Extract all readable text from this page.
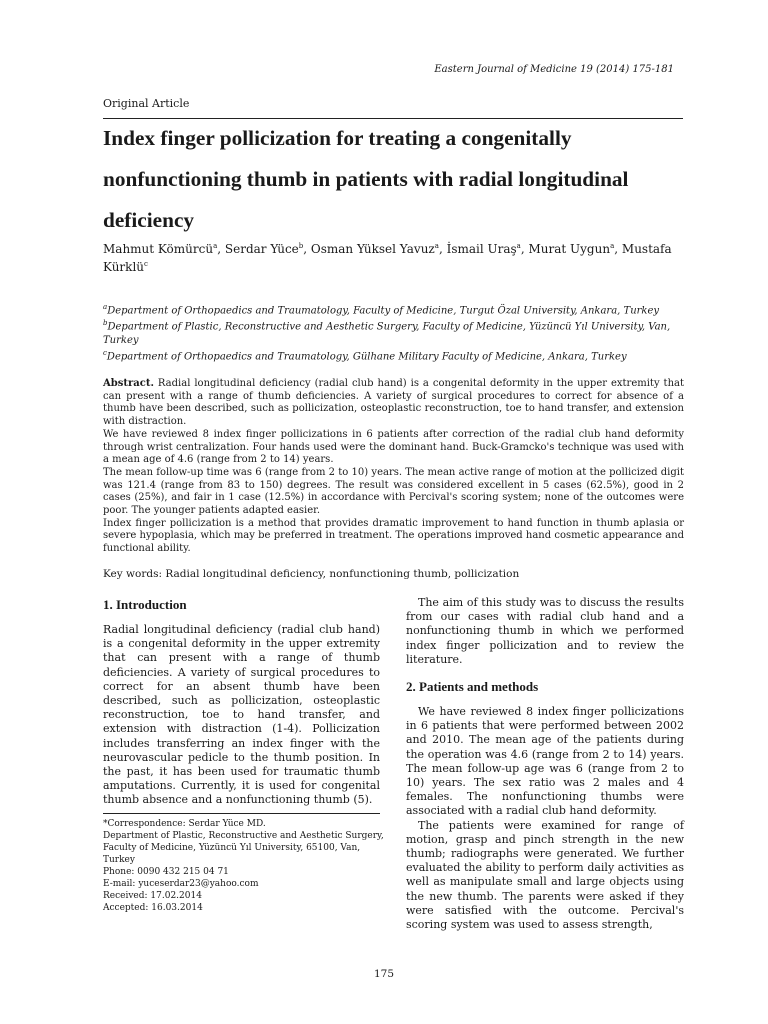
Eastern Journal of Medicine 19 (2014) 175-181
Original Article
Index finger pollicization for treating a congenitally nonfunctioning thumb in patients with radial longitudinal deficiency
Mahmut Kömürcü$^a$, Serdar Yüce$^b$, Osman Yüksel Yavuz$^a$, İsmail Uraş$^a$, Murat Uygun$^a$, Mustafa Kürklü$^c$
$^a$Department of Orthopaedics and Traumatology, Faculty of Medicine, Turgut Özal University, Ankara, Turkey
$^b$Department of Plastic, Reconstructive and Aesthetic Surgery, Faculty of Medicine, Yüzüncü Yıl University, Van, Turkey
$^c$Department of Orthopaedics and Traumatology, Gülhane Military Faculty of Medicine, Ankara, Turkey

Abstract. Radial longitudinal deficiency (radial club hand) is a congenital deformity in the upper extremity that can present with a range of thumb deficiencies. A variety of surgical procedures to correct for absence of a thumb have been described, such as pollicization, osteoplastic reconstruction, toe to hand transfer, and extension with distraction.

We have reviewed 8 index finger pollicizations in 6 patients after correction of the radial club hand deformity through wrist centralization. Four hands used were the dominant hand. Buck-Gramcko's technique was used with a mean age of 4.6 (range from 2 to 14) years.

The mean follow-up time was 6 (range from 2 to 10) years. The mean active range of motion at the pollicized digit was 121.4 (range from 83 to 150) degrees. The result was considered excellent in 5 cases (62.5%), good in 2 cases (25%), and fair in 1 case (12.5%) in accordance with Percival's scoring system; none of the outcomes were poor. The younger patients adapted easier.

Index finger pollicization is a method that provides dramatic improvement to hand function in thumb aplasia or severe hypoplasia, which may be preferred in treatment. The operations improved hand cosmetic appearance and functional ability.

Key words: Radial longitudinal deficiency, nonfunctioning thumb, pollicization
1. Introduction

Radial longitudinal deficiency (radial club hand) is a congenital deformity in the upper extremity that can present with a range of thumb deficiencies. A variety of surgical procedures to correct for an absent thumb have been described, such as pollicization, osteoplastic reconstruction, toe to hand transfer, and extension with distraction (1-4). Pollicization includes transferring an index finger with the neurovascular pedicle to the thumb position. In the past, it has been used for traumatic thumb amputations. Currently, it is used for congenital thumb absence and a nonfunctioning thumb (5).

The aim of this study was to discuss the results from our cases with radial club hand and a nonfunctioning thumb in which we performed index finger pollicization and to review the literature.

2. Patients and methods

We have reviewed 8 index finger pollicizations in 6 patients that were performed between 2002 and 2010. The mean age of the patients during the operation was 4.6 (range from 2 to 14) years. The mean follow-up age was 6 (range from 2 to 10) years. The sex ratio was 2 males and 4 females. The nonfunctioning thumbs were associated with a radial club hand deformity.

The patients were examined for range of motion, grasp and pinch strength in the new thumb; radiographs were generated. We further evaluated the ability to perform daily activities as well as manipulate small and large objects using the new thumb. The parents were asked if they were satisfied with the outcome. Percival's scoring system was used to assess strength,

*Correspondence: Serdar Yüce MD.
Department of Plastic, Reconstructive and Aesthetic Surgery,
Faculty of Medicine, Yüzüncü Yıl University, 65100, Van,
Turkey
Phone: 0090 432 215 04 71
E-mail: yuceserdar23@yahoo.com
Received: 17.02.2014
Accepted: 16.03.2014
175
